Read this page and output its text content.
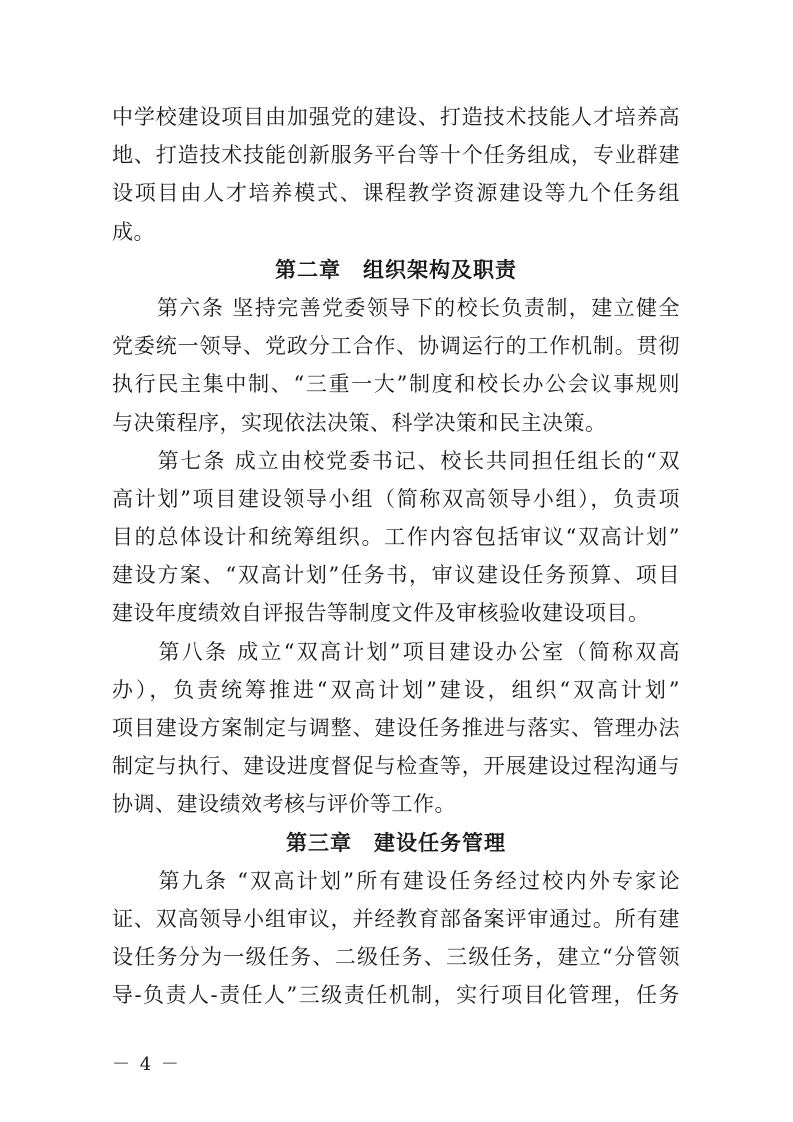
中学校建设项目由加强党的建设、打造技术技能人才培养高
地、打造技术技能创新服务平台等十个任务组成，专业群建
设项目由人才培养模式、课程教学资源建设等九个任务组
成。
第二章　组织架构及职责
　　第六条 坚持完善党委领导下的校长负责制，建立健全
党委统一领导、党政分工合作、协调运行的工作机制。贯彻
执行民主集中制、“三重一大”制度和校长办公会议事规则
与决策程序，实现依法决策、科学决策和民主决策。
　　第七条 成立由校党委书记、校长共同担任组长的“双
高计划”项目建设领导小组（简称双高领导小组），负责项
目的总体设计和统筹组织。工作内容包括审议“双高计划”
建设方案、“双高计划”任务书，审议建设任务预算、项目
建设年度绩效自评报告等制度文件及审核验收建设项目。
　　第八条 成立“双高计划”项目建设办公室（简称双高
办），负责统筹推进“双高计划”建设，组织“双高计划”
项目建设方案制定与调整、建设任务推进与落实、管理办法
制定与执行、建设进度督促与检查等，开展建设过程沟通与
协调、建设绩效考核与评价等工作。
第三章　建设任务管理
　　第九条 “双高计划”所有建设任务经过校内外专家论
证、双高领导小组审议，并经教育部备案评审通过。所有建
设任务分为一级任务、二级任务、三级任务，建立“分管领
导-负责人-责任人”三级责任机制，实行项目化管理，任务
－ 4 －
